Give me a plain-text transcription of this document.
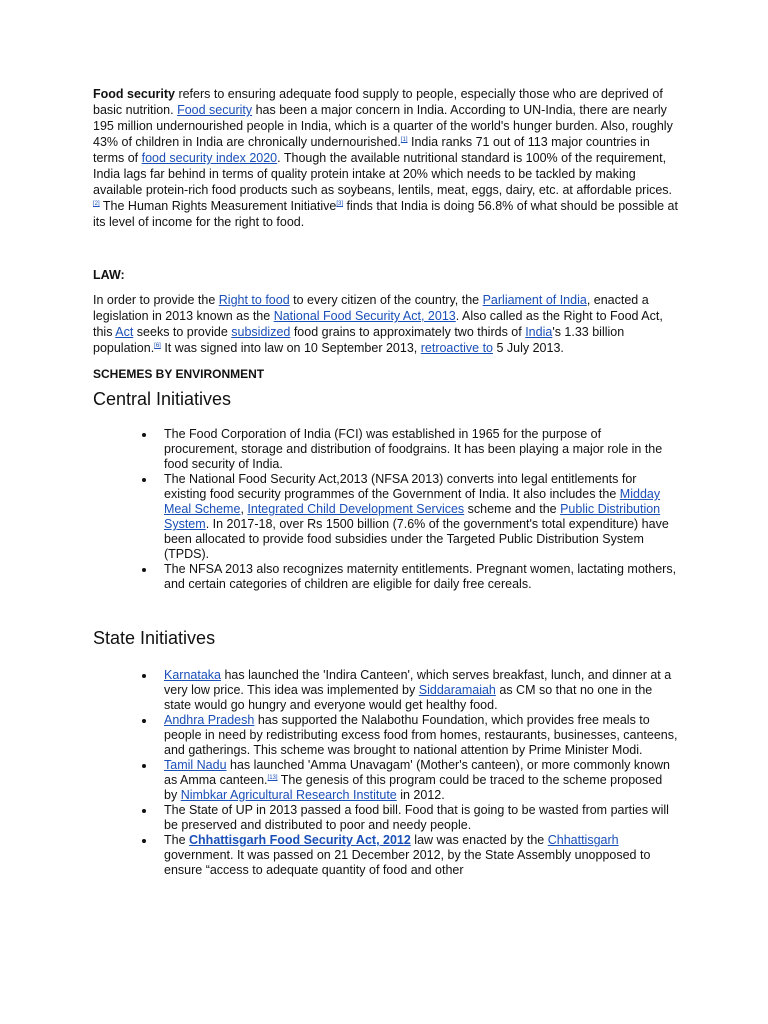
Food security refers to ensuring adequate food supply to people, especially those who are deprived of basic nutrition. Food security has been a major concern in India. According to UN-India, there are nearly 195 million undernourished people in India, which is a quarter of the world's hunger burden. Also, roughly 43% of children in India are chronically undernourished.[1] India ranks 71 out of 113 major countries in terms of food security index 2020. Though the available nutritional standard is 100% of the requirement, India lags far behind in terms of quality protein intake at 20% which needs to be tackled by making available protein-rich food products such as soybeans, lentils, meat, eggs, dairy, etc. at affordable prices.[2] The Human Rights Measurement Initiative[3] finds that India is doing 56.8% of what should be possible at its level of income for the right to food.

LAW:

In order to provide the Right to food to every citizen of the country, the Parliament of India, enacted a legislation in 2013 known as the National Food Security Act, 2013. Also called as the Right to Food Act, this Act seeks to provide subsidized food grains to approximately two thirds of India's 1.33 billion population.[6] It was signed into law on 10 September 2013, retroactive to 5 July 2013.

SCHEMES BY ENVIRONMENT

Central Initiatives
The Food Corporation of India (FCI) was established in 1965 for the purpose of procurement, storage and distribution of foodgrains. It has been playing a major role in the food security of India.
The National Food Security Act,2013 (NFSA 2013) converts into legal entitlements for existing food security programmes of the Government of India. It also includes the Midday Meal Scheme, Integrated Child Development Services scheme and the Public Distribution System. In 2017-18, over Rs 1500 billion (7.6% of the government's total expenditure) have been allocated to provide food subsidies under the Targeted Public Distribution System (TPDS).
The NFSA 2013 also recognizes maternity entitlements. Pregnant women, lactating mothers, and certain categories of children are eligible for daily free cereals.
State Initiatives
Karnataka has launched the 'Indira Canteen', which serves breakfast, lunch, and dinner at a very low price. This idea was implemented by Siddaramaiah as CM so that no one in the state would go hungry and everyone would get healthy food.
Andhra Pradesh has supported the Nalabothu Foundation, which provides free meals to people in need by redistributing excess food from homes, restaurants, businesses, canteens, and gatherings. This scheme was brought to national attention by Prime Minister Modi.
Tamil Nadu has launched 'Amma Unavagam' (Mother's canteen), or more commonly known as Amma canteen.[13] The genesis of this program could be traced to the scheme proposed by Nimbkar Agricultural Research Institute in 2012.
The State of UP in 2013 passed a food bill. Food that is going to be wasted from parties will be preserved and distributed to poor and needy people.
The Chhattisgarh Food Security Act, 2012 law was enacted by the Chhattisgarh government. It was passed on 21 December 2012, by the State Assembly unopposed to ensure “access to adequate quantity of food and other
